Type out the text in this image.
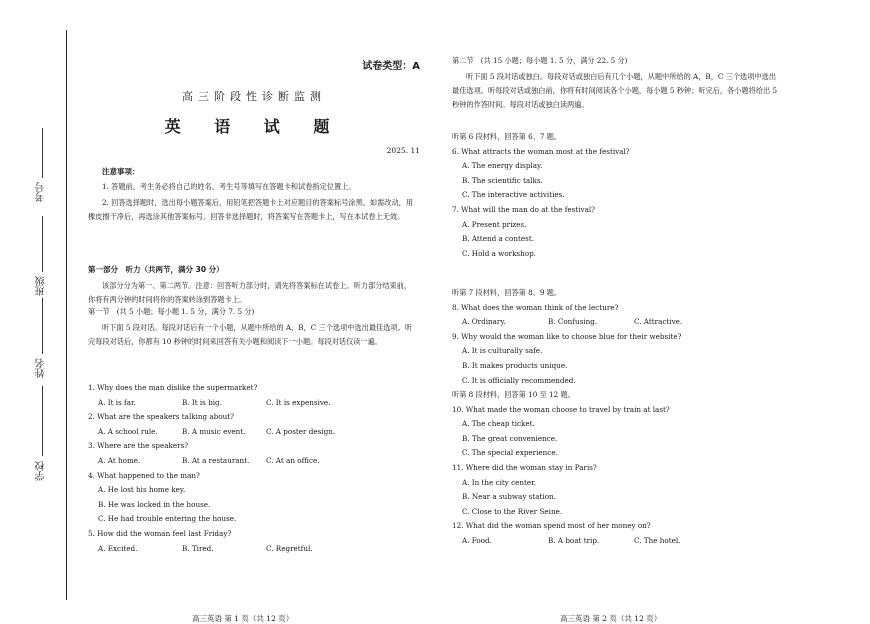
考号
班级
姓名
学校
试卷类型：A
高三阶段性诊断监测
英 语 试 题
2025. 11
注意事项：
1. 答题前，考生务必将自己的姓名、考生号等填写在答题卡和试卷指定位置上。
2. 回答选择题时，选出每小题答案后，用铅笔把答题卡上对应题目的答案标号涂黑。如需改动，用橡皮擦干净后，再选涂其他答案标号。回答非选择题时，将答案写在答题卡上，写在本试卷上无效。
第一部分　听力（共两节，满分 30 分）
该部分分为第一、第二两节。注意：回答听力部分时，请先将答案标在试卷上。听力部分结束前，你将有两分钟的时间将你的答案转涂到答题卡上。
第一节　(共 5 小题；每小题 1. 5 分，满分 7. 5 分)
听下面 5 段对话。每段对话后有一个小题，从题中所给的 A，B，C 三个选项中选出最佳选项。听完每段对话后，你都有 10 秒钟的时间来回答有关小题和阅读下一小题。每段对话仅读一遍。
1. Why does the man dislike the supermarket?
A. It is far.	B. It is big.	C. It is expensive.
2. What are the speakers talking about?
A. A school rule.	B. A music event.	C. A poster design.
3. Where are the speakers?
A. At home.	B. At a restaurant.	C. At an office.
4. What happened to the man?
A. He lost his home key.
B. He was locked in the house.
C. He had trouble entering the house.
5. How did the woman feel last Friday?
A. Excited.	B. Tired.	C. Regretful.
高三英语 第 1 页（共 12 页）
第二节　(共 15 小题；每小题 1. 5 分，满分 22. 5 分)
听下面 5 段对话或独白。每段对话或独白后有几个小题，从题中所给的 A，B，C 三个选项中选出最佳选项。听每段对话或独白前，你将有时间阅读各个小题，每小题 5 秒钟；听完后，各小题将给出 5 秒钟的作答时间。每段对话或独白读两遍。
听第 6 段材料，回答第 6、7 题。
6. What attracts the woman most at the festival?
A. The energy display.
B. The scientific talks.
C. The interactive activities.
7. What will the man do at the festival?
A. Present prizes.
B. Attend a contest.
C. Hold a workshop.
听第 7 段材料，回答第 8、9 题。
8. What does the woman think of the lecture?
A. Ordinary.	B. Confusing.	C. Attractive.
9. Why would the woman like to choose blue for their website?
A. It is culturally safe.
B. It makes products unique.
C. It is officially recommended.
听第 8 段材料，回答第 10 至 12 题。
10. What made the woman choose to travel by train at last?
A. The cheap ticket.
B. The great convenience.
C. The special experience.
11. Where did the woman stay in Paris?
A. In the city center.
B. Near a subway station.
C. Close to the River Seine.
12. What did the woman spend most of her money on?
A. Food.	B. A boat trip.	C. The hotel.
高三英语 第 2 页（共 12 页）
